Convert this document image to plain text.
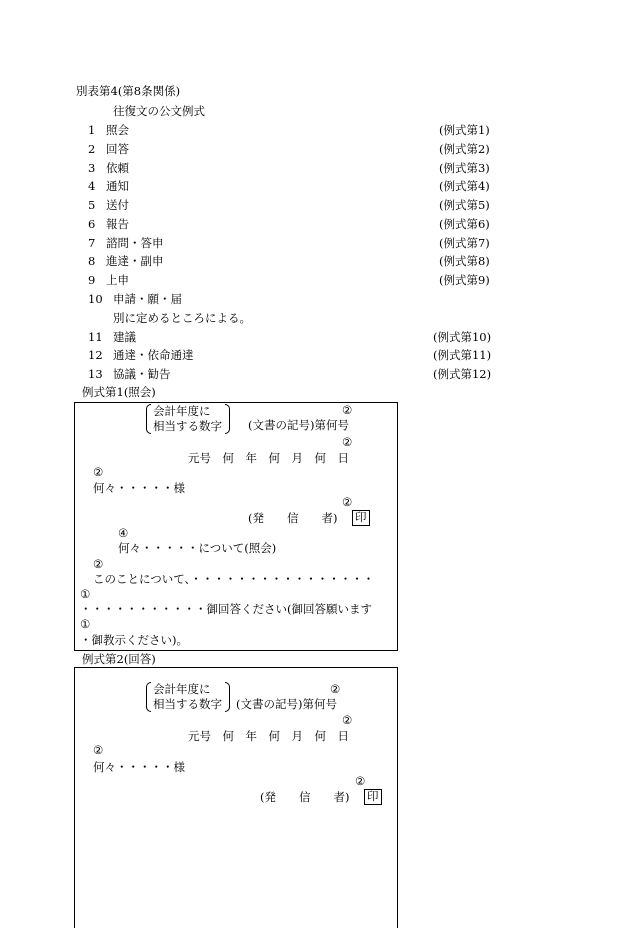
別表第4(第8条関係)
往復文の公文例式
1 照会	(例式第1)
2 回答	(例式第2)
3 依頼	(例式第3)
4 通知	(例式第4)
5 送付	(例式第5)
6 報告	(例式第6)
7 諮問・答申	(例式第7)
8 進達・副申	(例式第8)
9 上申	(例式第9)
10 申請・願・届
別に定めるところによる。
11 建議	(例式第10)
12 通達・依命通達	(例式第11)
13 協議・勧告	(例式第12)
例式第1(照会)
会計年度に
相当する数字
②
(文書の記号)第何号
②
元号　何　年　何　月　何　日
②
何々・・・・・様
②
(発　　信　　者) 印
④
何々・・・・・について(照会)
②
このことについて、・・・・・・・・・・・・・・・・
①
・・・・・・・・・・・御回答ください(御回答願います
①
・御教示ください)。
例式第2(回答)
会計年度に
相当する数字
②
(文書の記号)第何号
②
元号　何　年　何　月　何　日
②
何々・・・・・様
②
(発　　信　　者) 印
